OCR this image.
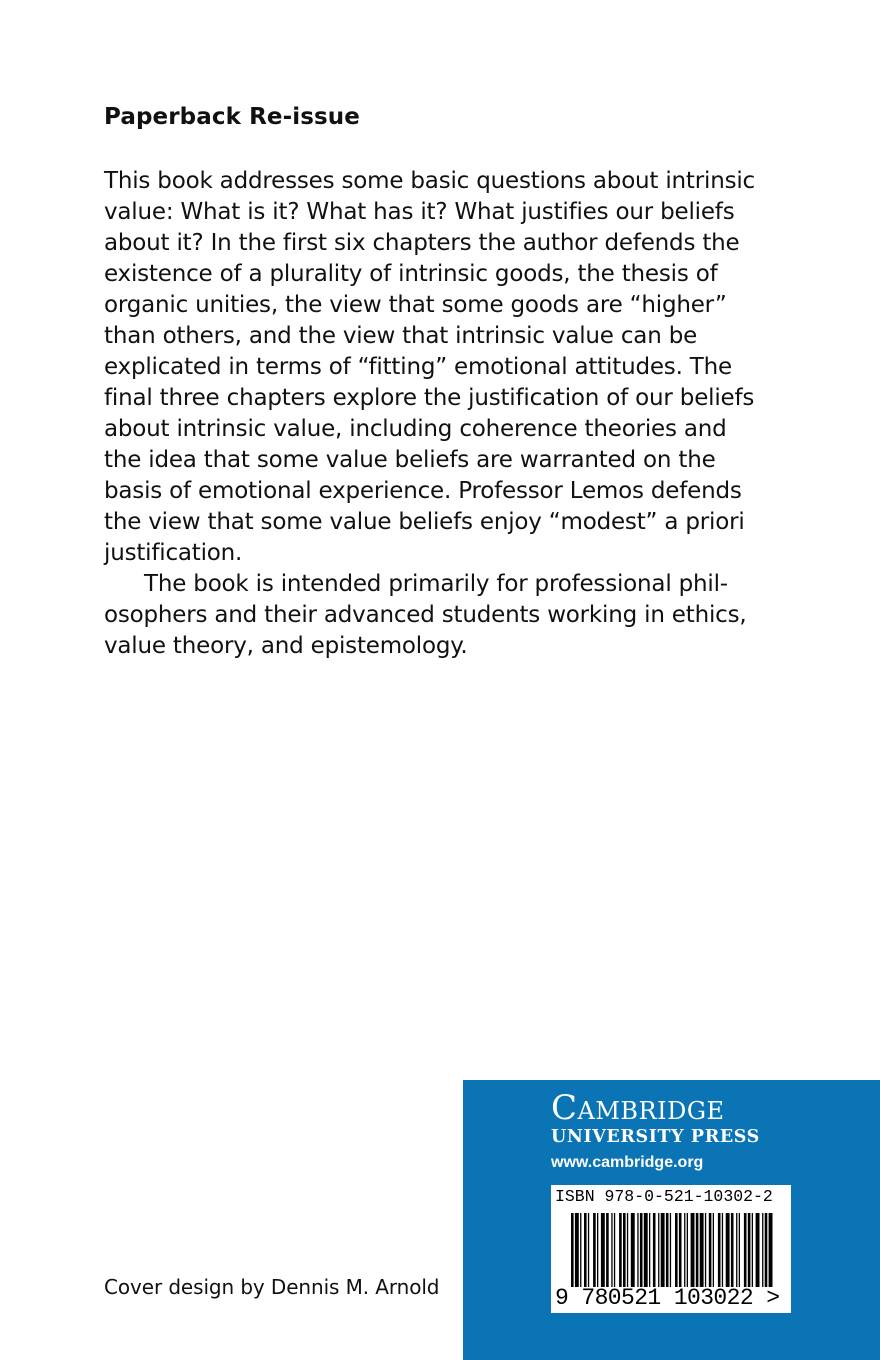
Paperback Re-issue
This book addresses some basic questions about intrinsic
value: What is it? What has it? What justifies our beliefs
about it? In the first six chapters the author defends the
existence of a plurality of intrinsic goods, the thesis of
organic unities, the view that some goods are “higher”
than others, and the view that intrinsic value can be
explicated in terms of “fitting” emotional attitudes. The
final three chapters explore the justification of our beliefs
about intrinsic value, including coherence theories and
the idea that some value beliefs are warranted on the
basis of emotional experience. Professor Lemos defends
the view that some value beliefs enjoy “modest” a priori
justification.
The book is intended primarily for professional phil-
osophers and their advanced students working in ethics,
value theory, and epistemology.
Cover design by Dennis M. Arnold
Cambridge
UNIVERSITY PRESS
www.cambridge.org
ISBN 978-0-521-10302-2
9 780521 103022 >
